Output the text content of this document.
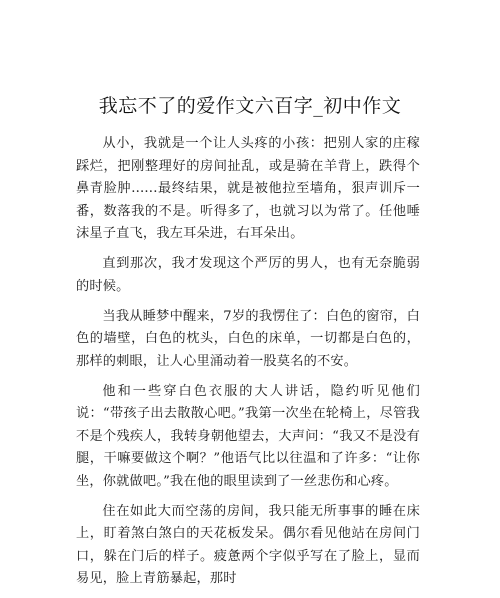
我忘不了的爱作文六百字_初中作文

从小，我就是一个让人头疼的小孩：把别人家的庄稼踩烂，把刚整理好的房间扯乱，或是骑在羊背上，跌得个鼻青脸肿......最终结果，就是被他拉至墙角，狠声训斥一番，数落我的不是。听得多了，也就习以为常了。任他唾沫星子直飞，我左耳朵进，右耳朵出。

直到那次，我才发现这个严厉的男人，也有无奈脆弱的时候。

当我从睡梦中醒来，7岁的我愣住了：白色的窗帘，白色的墙壁，白色的枕头，白色的床单，一切都是白色的，那样的刺眼，让人心里涌动着一股莫名的不安。

他和一些穿白色衣服的大人讲话，隐约听见他们说：“带孩子出去散散心吧。”我第一次坐在轮椅上，尽管我不是个残疾人，我转身朝他望去，大声问：“我又不是没有腿，干嘛要做这个啊？”他语气比以往温和了许多：“让你坐，你就做吧。”我在他的眼里读到了一丝悲伤和心疼。

住在如此大而空荡的房间，我只能无所事事的睡在床上，盯着煞白煞白的天花板发呆。偶尔看见他站在房间门口，躲在门后的样子。疲惫两个字似乎写在了脸上，显而易见，脸上青筋暴起，那时
